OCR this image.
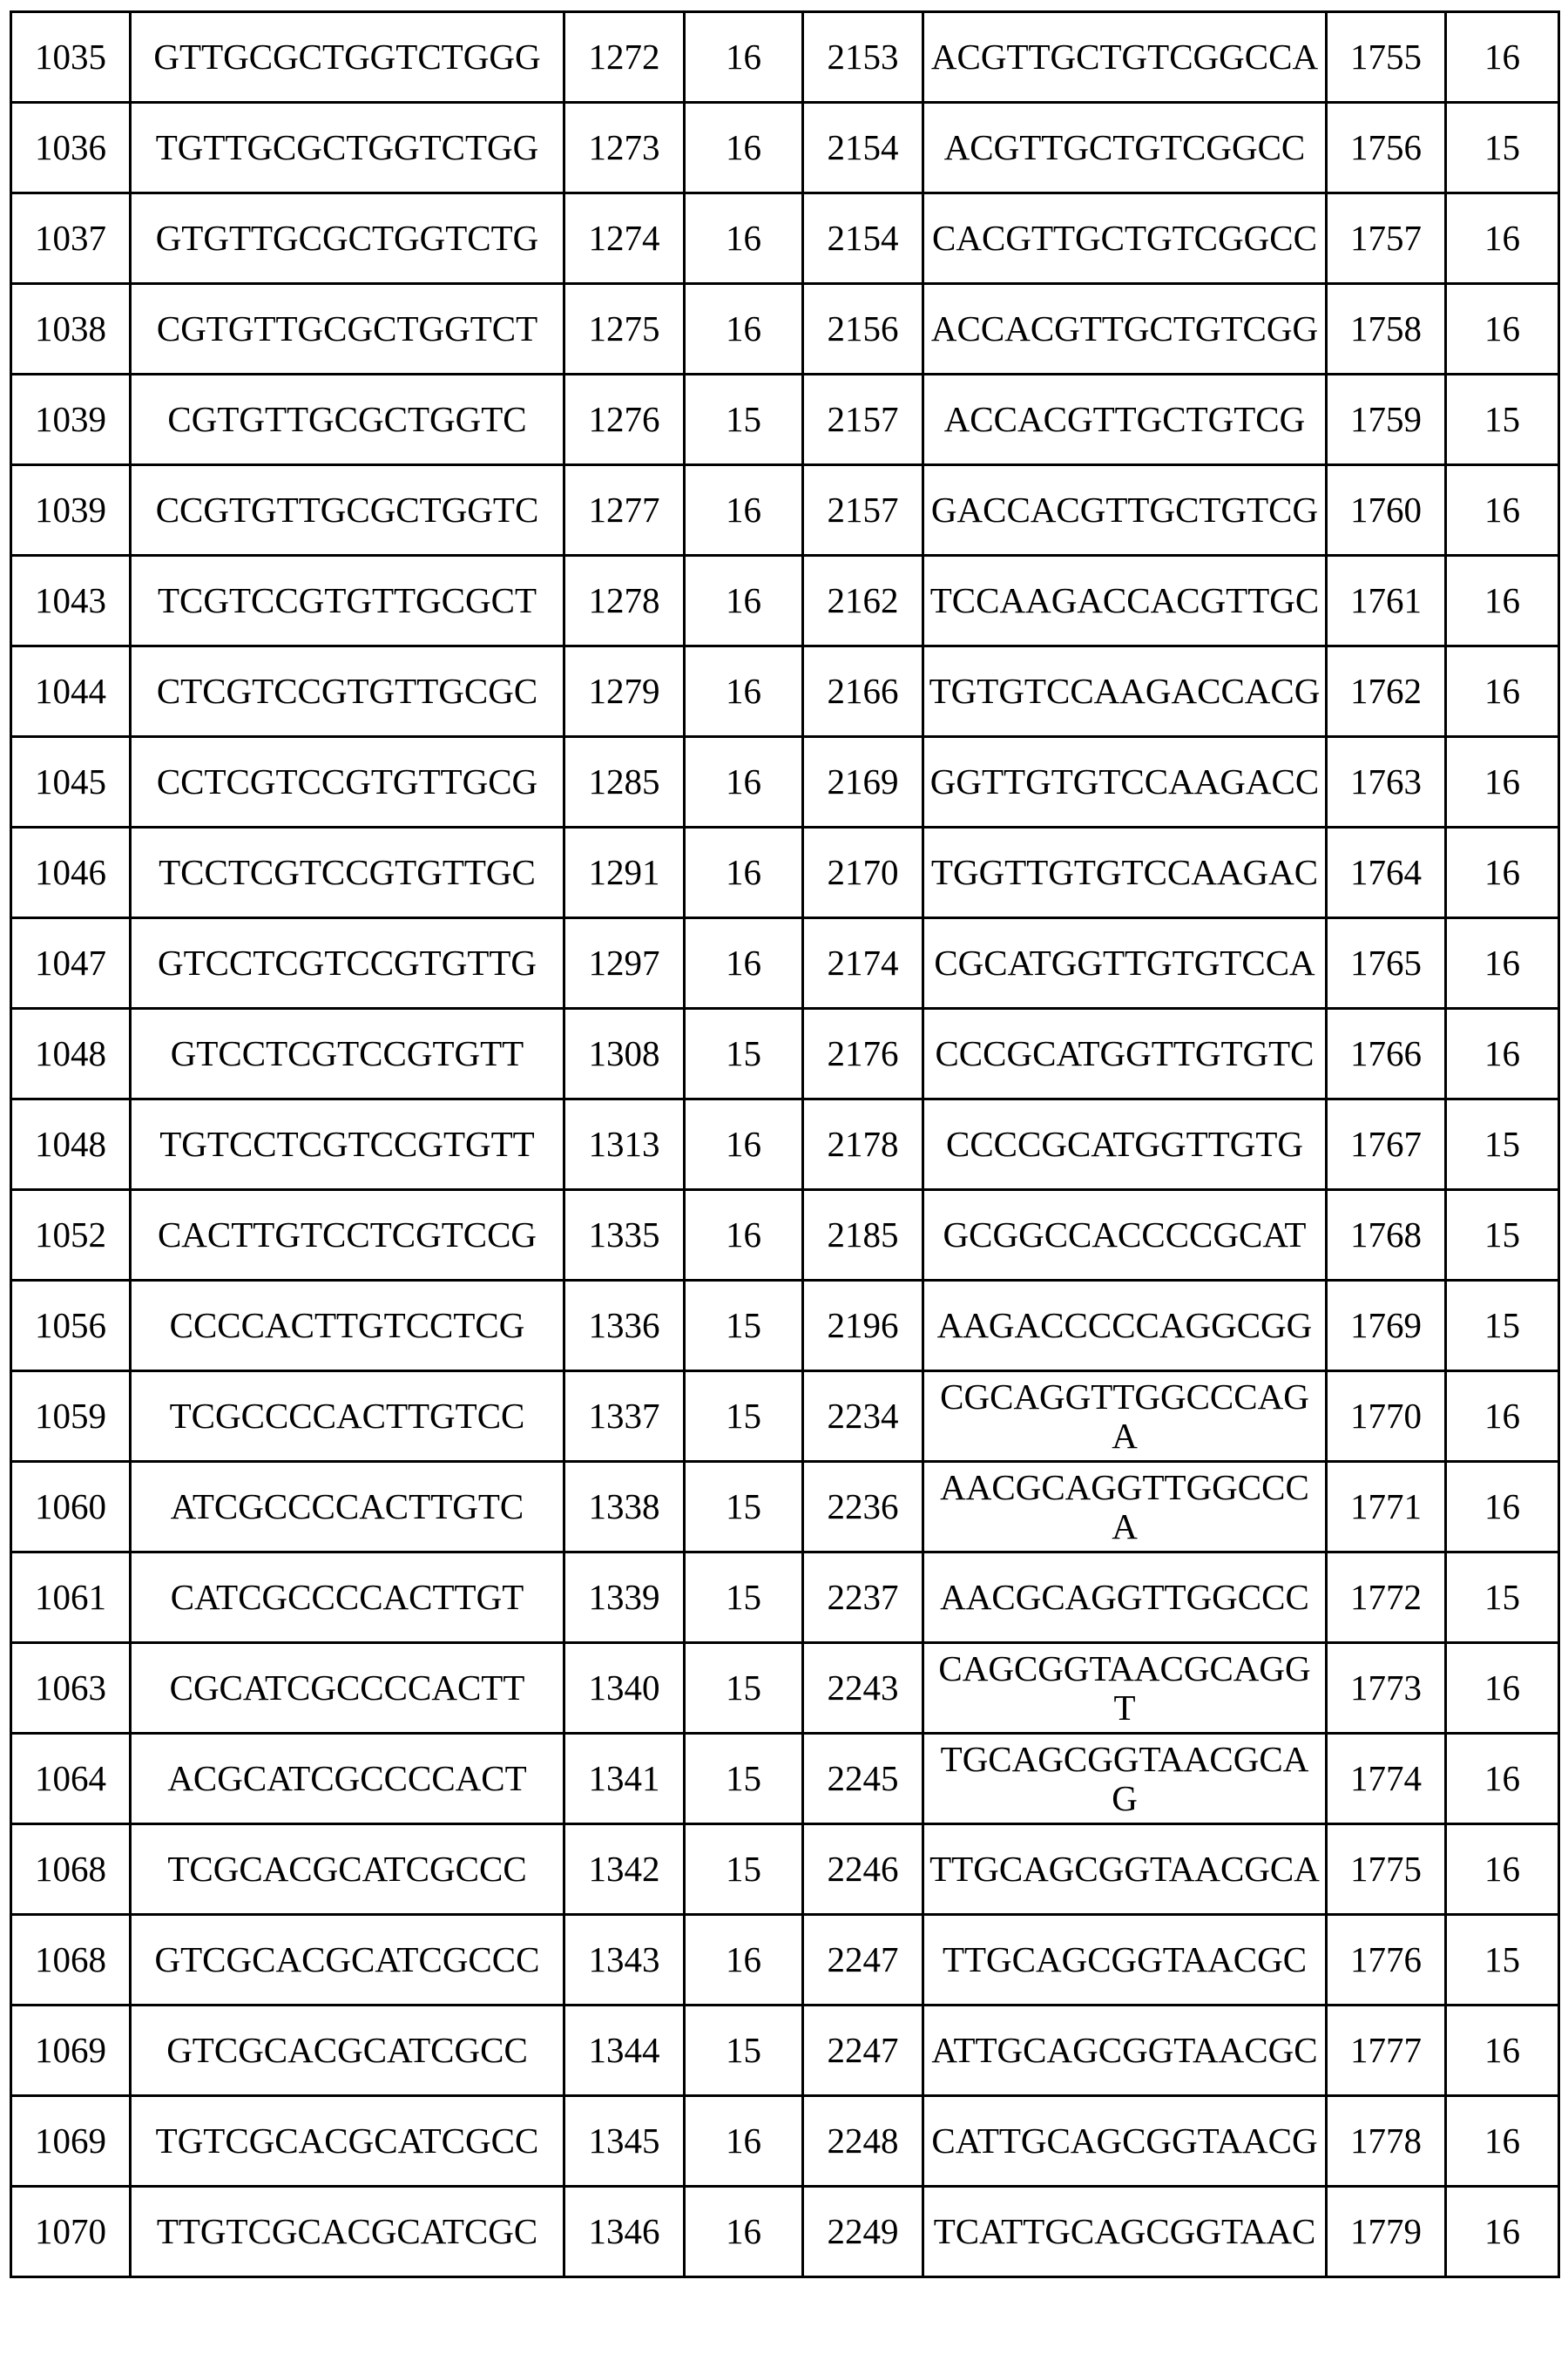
1035	GTTGCGCTGGTCTGGG	1272	16	2153	ACGTTGCTGTCGGCCA	1755	16
1036	TGTTGCGCTGGTCTGG	1273	16	2154	ACGTTGCTGTCGGCC	1756	15
1037	GTGTTGCGCTGGTCTG	1274	16	2154	CACGTTGCTGTCGGCC	1757	16
1038	CGTGTTGCGCTGGTCT	1275	16	2156	ACCACGTTGCTGTCGG	1758	16
1039	CGTGTTGCGCTGGTC	1276	15	2157	ACCACGTTGCTGTCG	1759	15
1039	CCGTGTTGCGCTGGTC	1277	16	2157	GACCACGTTGCTGTCG	1760	16
1043	TCGTCCGTGTTGCGCT	1278	16	2162	TCCAAGACCACGTTGC	1761	16
1044	CTCGTCCGTGTTGCGC	1279	16	2166	TGTGTCCAAGACCACG	1762	16
1045	CCTCGTCCGTGTTGCG	1285	16	2169	GGTTGTGTCCAAGACC	1763	16
1046	TCCTCGTCCGTGTTGC	1291	16	2170	TGGTTGTGTCCAAGAC	1764	16
1047	GTCCTCGTCCGTGTTG	1297	16	2174	CGCATGGTTGTGTCCA	1765	16
1048	GTCCTCGTCCGTGTT	1308	15	2176	CCCGCATGGTTGTGTC	1766	16
1048	TGTCCTCGTCCGTGTT	1313	16	2178	CCCCGCATGGTTGTG	1767	15
1052	CACTTGTCCTCGTCCG	1335	16	2185	GCGGCCACCCCGCAT	1768	15
1056	CCCCACTTGTCCTCG	1336	15	2196	AAGACCCCCAGGCGG	1769	15
1059	TCGCCCCACTTGTCC	1337	15	2234	CGCAGGTTGGCCCAGA	1770	16
1060	ATCGCCCCACTTGTC	1338	15	2236	AACGCAGGTTGGCCCA	1771	16
1061	CATCGCCCCACTTGT	1339	15	2237	AACGCAGGTTGGCCC	1772	15
1063	CGCATCGCCCCACTT	1340	15	2243	CAGCGGTAACGCAGGT	1773	16
1064	ACGCATCGCCCCACT	1341	15	2245	TGCAGCGGTAACGCAG	1774	16
1068	TCGCACGCATCGCCC	1342	15	2246	TTGCAGCGGTAACGCA	1775	16
1068	GTCGCACGCATCGCCC	1343	16	2247	TTGCAGCGGTAACGC	1776	15
1069	GTCGCACGCATCGCC	1344	15	2247	ATTGCAGCGGTAACGC	1777	16
1069	TGTCGCACGCATCGCC	1345	16	2248	CATTGCAGCGGTAACG	1778	16
1070	TTGTCGCACGCATCGC	1346	16	2249	TCATTGCAGCGGTAAC	1779	16
